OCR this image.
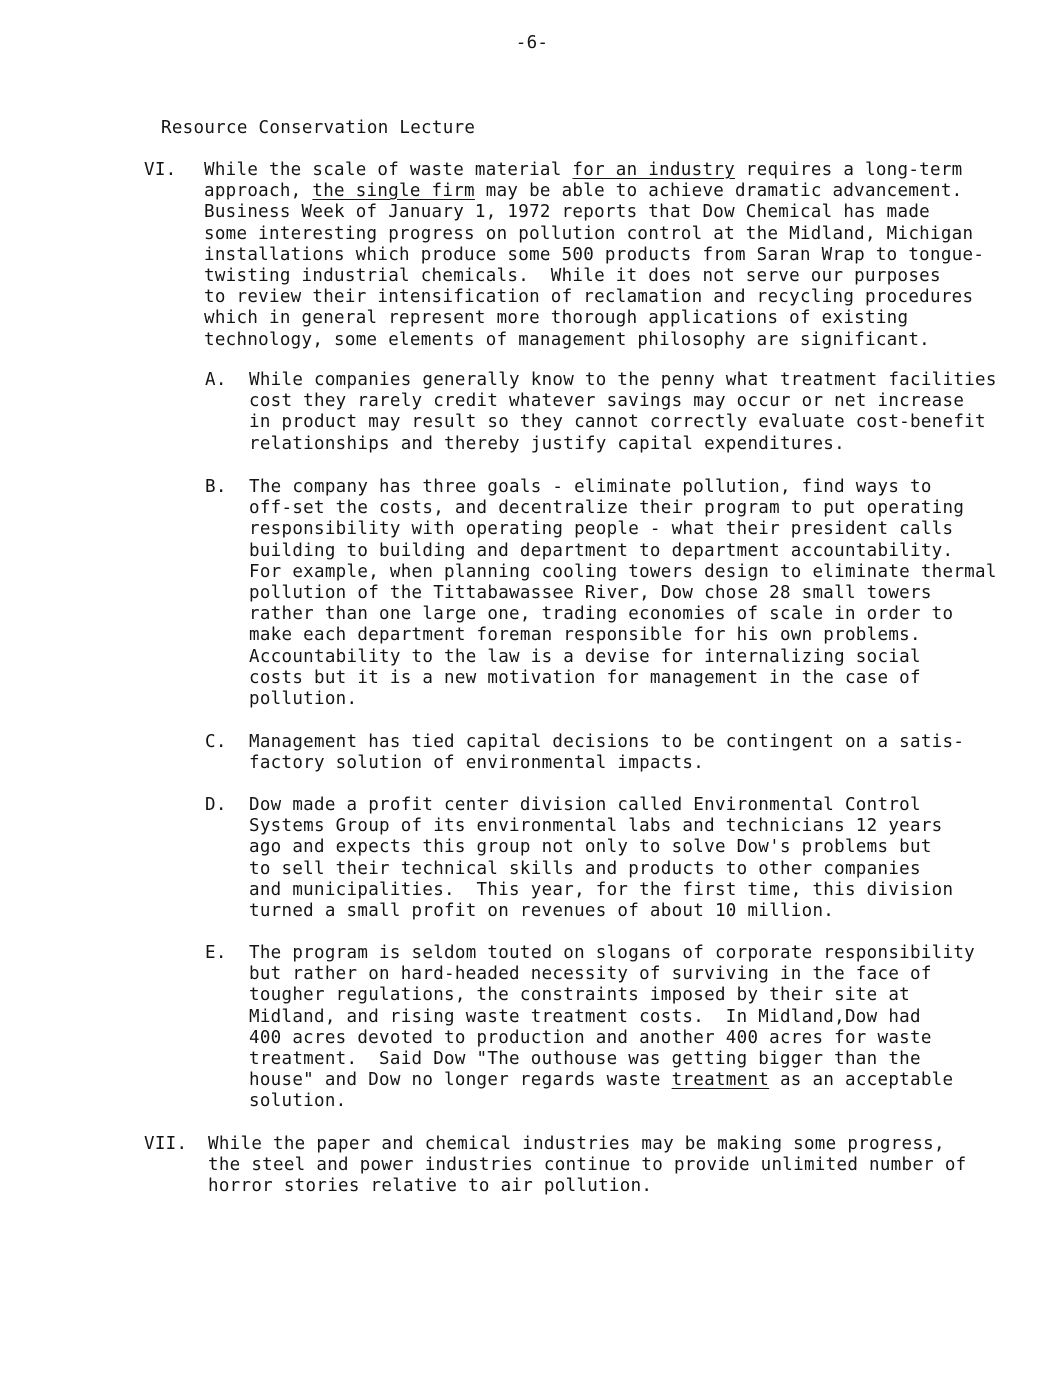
-6-
Resource Conservation Lecture
VI. While the scale of waste material for an industry requires a long-term
approach, the single firm may be able to achieve dramatic advancement.
Business Week of January 1, 1972 reports that Dow Chemical has made
some interesting progress on pollution control at the Midland, Michigan
installations which produce some 500 products from Saran Wrap to tongue-
twisting industrial chemicals.  While it does not serve our purposes
to review their intensification of reclamation and recycling procedures
which in general represent more thorough applications of existing
technology, some elements of management philosophy are significant.
A. While companies generally know to the penny what treatment facilities
cost they rarely credit whatever savings may occur or net increase
in product may result so they cannot correctly evaluate cost-benefit
relationships and thereby justify capital expenditures.
B. The company has three goals - eliminate pollution, find ways to
off-set the costs, and decentralize their program to put operating
responsibility with operating people - what their president calls
building to building and department to department accountability.
For example, when planning cooling towers design to eliminate thermal
pollution of the Tittabawassee River, Dow chose 28 small towers
rather than one large one, trading economies of scale in order to
make each department foreman responsible for his own problems.
Accountability to the law is a devise for internalizing social
costs but it is a new motivation for management in the case of
pollution.
C. Management has tied capital decisions to be contingent on a satis-
factory solution of environmental impacts.
D. Dow made a profit center division called Environmental Control
Systems Group of its environmental labs and technicians 12 years
ago and expects this group not only to solve Dow's problems but
to sell their technical skills and products to other companies
and municipalities.  This year, for the first time, this division
turned a small profit on revenues of about 10 million.
E. The program is seldom touted on slogans of corporate responsibility
but rather on hard-headed necessity of surviving in the face of
tougher regulations, the constraints imposed by their site at
Midland, and rising waste treatment costs.  In Midland,Dow had
400 acres devoted to production and another 400 acres for waste
treatment.  Said Dow "The outhouse was getting bigger than the
house" and Dow no longer regards waste treatment as an acceptable
solution.
VII. While the paper and chemical industries may be making some progress,
the steel and power industries continue to provide unlimited number of
horror stories relative to air pollution.
